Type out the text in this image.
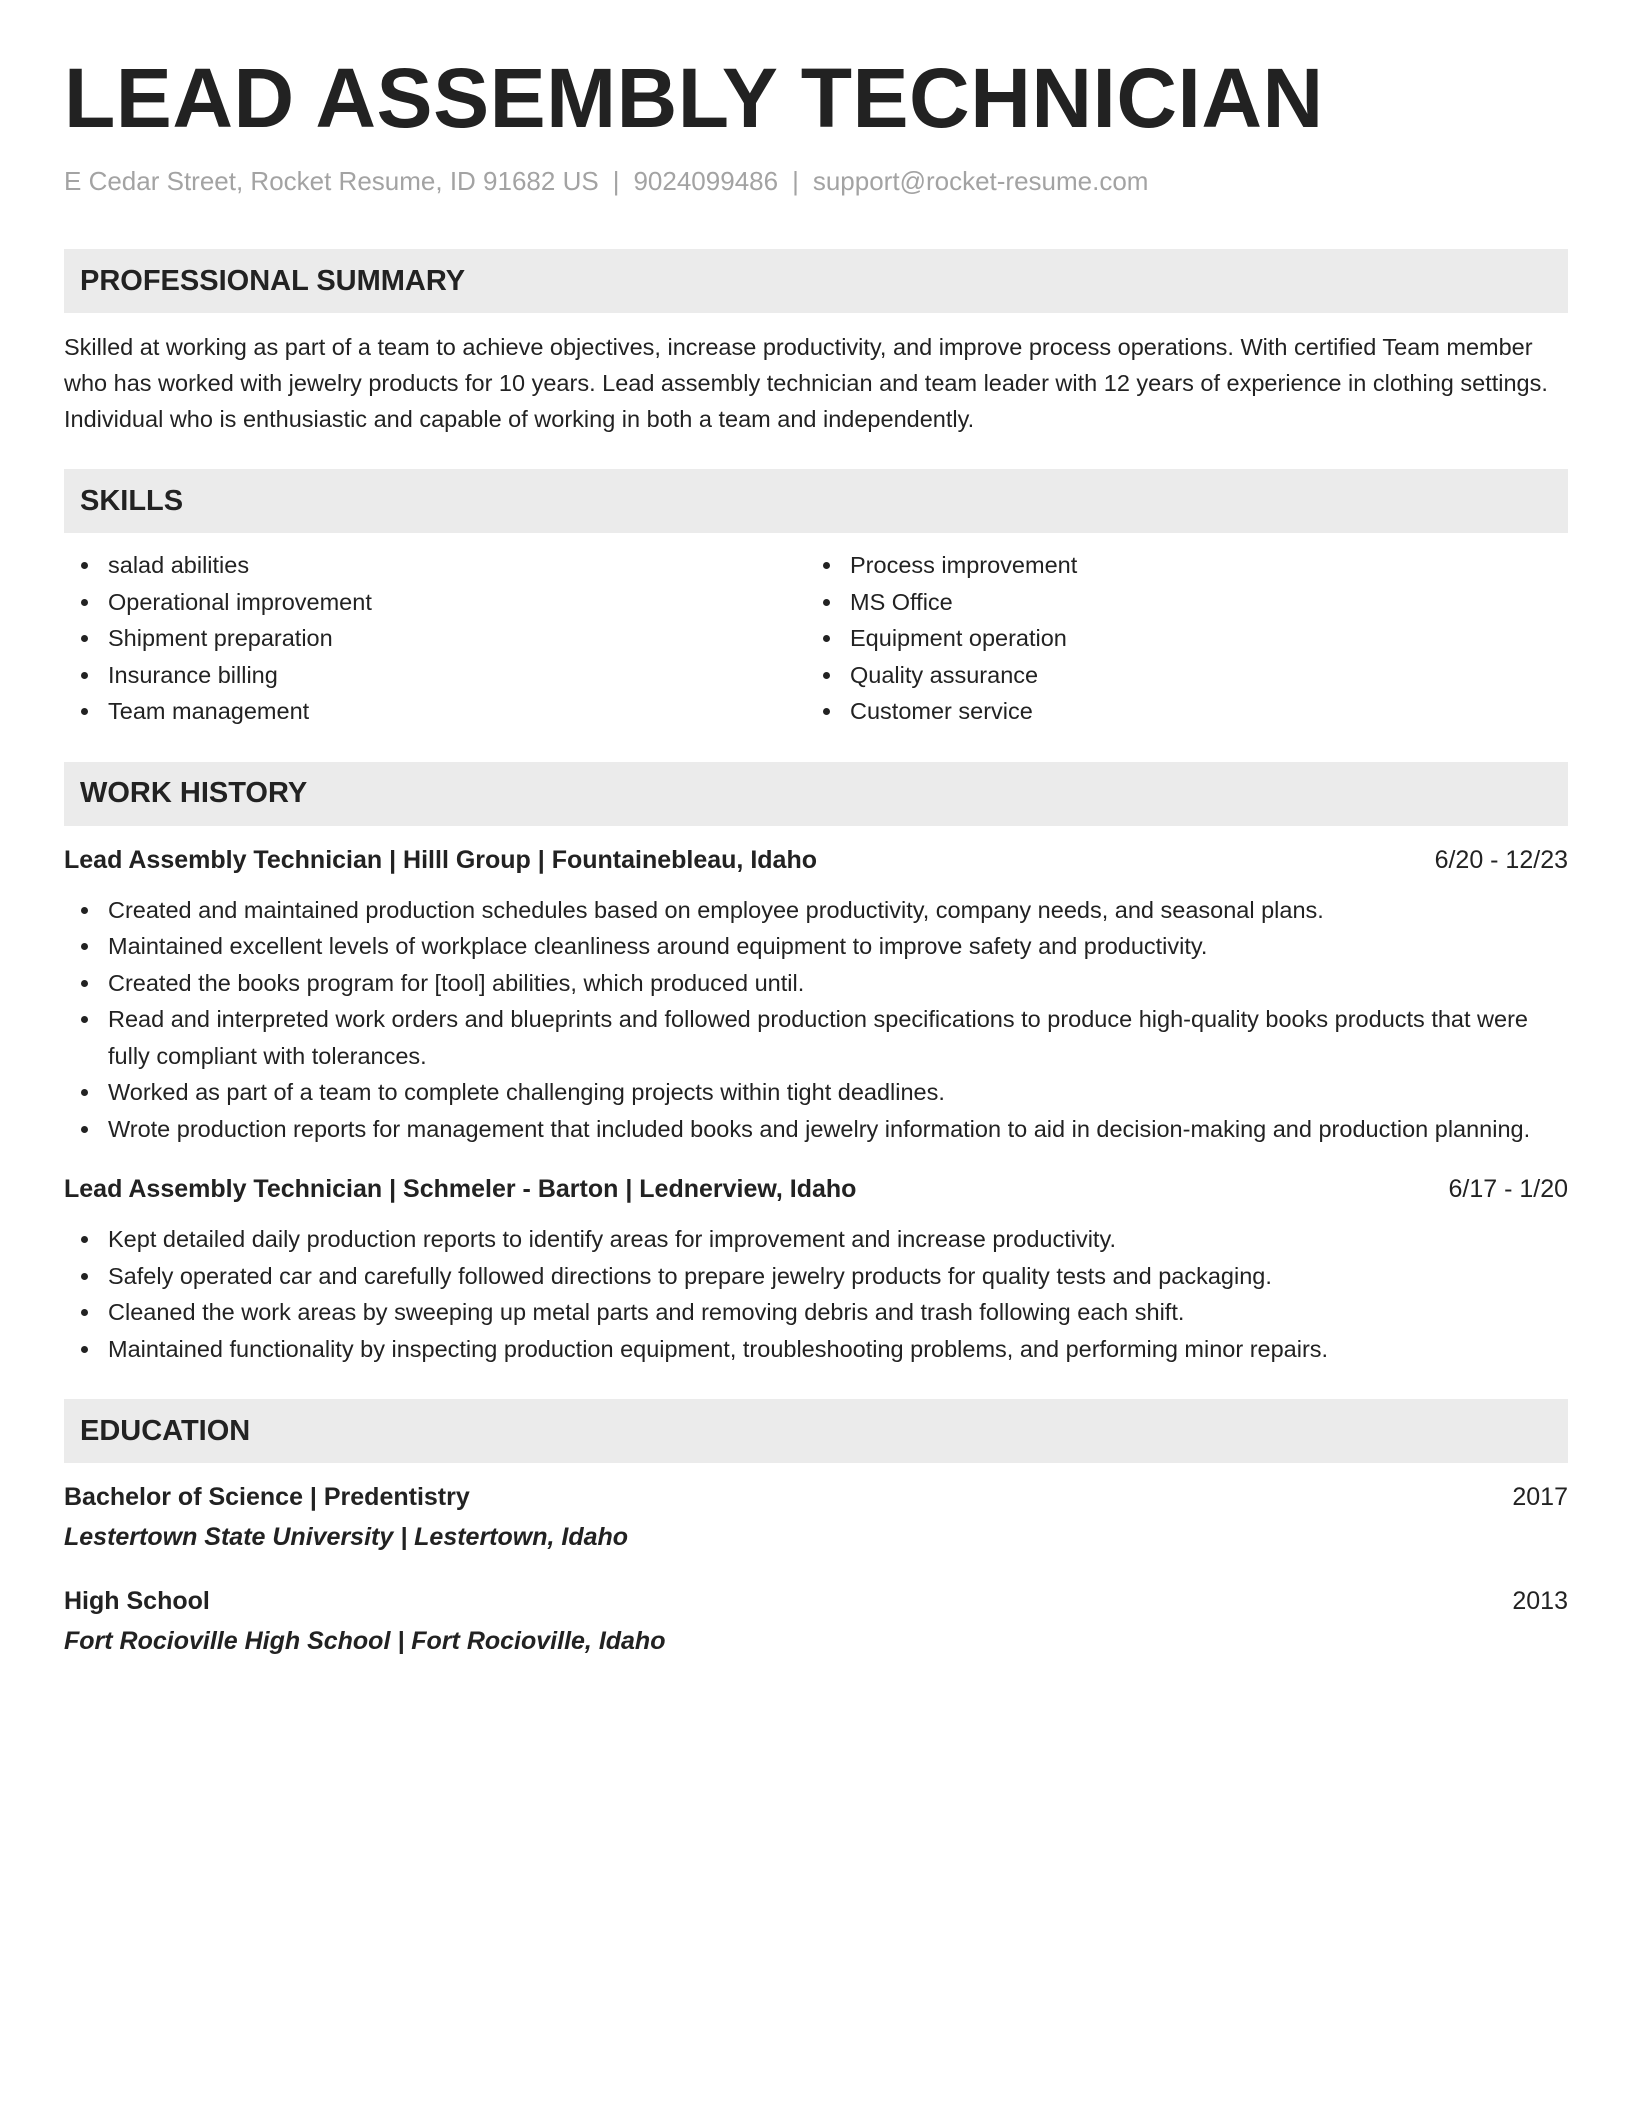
LEAD ASSEMBLY TECHNICIAN
E Cedar Street, Rocket Resume, ID 91682 US | 9024099486 | support@rocket-resume.com
PROFESSIONAL SUMMARY

Skilled at working as part of a team to achieve objectives, increase productivity, and improve process operations. With certified Team member who has worked with jewelry products for 10 years. Lead assembly technician and team leader with 12 years of experience in clothing settings. Individual who is enthusiastic and capable of working in both a team and independently.

SKILLS
salad abilities
Operational improvement
Shipment preparation
Insurance billing
Team management
Process improvement
MS Office
Equipment operation
Quality assurance
Customer service
WORK HISTORY
Lead Assembly Technician | Hilll Group | Fountainebleau, Idaho	6/20 - 12/23
Created and maintained production schedules based on employee productivity, company needs, and seasonal plans.
Maintained excellent levels of workplace cleanliness around equipment to improve safety and productivity.
Created the books program for [tool] abilities, which produced until.
Read and interpreted work orders and blueprints and followed production specifications to produce high-quality books products that were fully compliant with tolerances.
Worked as part of a team to complete challenging projects within tight deadlines.
Wrote production reports for management that included books and jewelry information to aid in decision-making and production planning.
Lead Assembly Technician | Schmeler - Barton | Lednerview, Idaho	6/17 - 1/20
Kept detailed daily production reports to identify areas for improvement and increase productivity.
Safely operated car and carefully followed directions to prepare jewelry products for quality tests and packaging.
Cleaned the work areas by sweeping up metal parts and removing debris and trash following each shift.
Maintained functionality by inspecting production equipment, troubleshooting problems, and performing minor repairs.
EDUCATION
Bachelor of Science | Predentistry	2017
Lestertown State University | Lestertown, Idaho
High School	2013
Fort Rocioville High School | Fort Rocioville, Idaho
